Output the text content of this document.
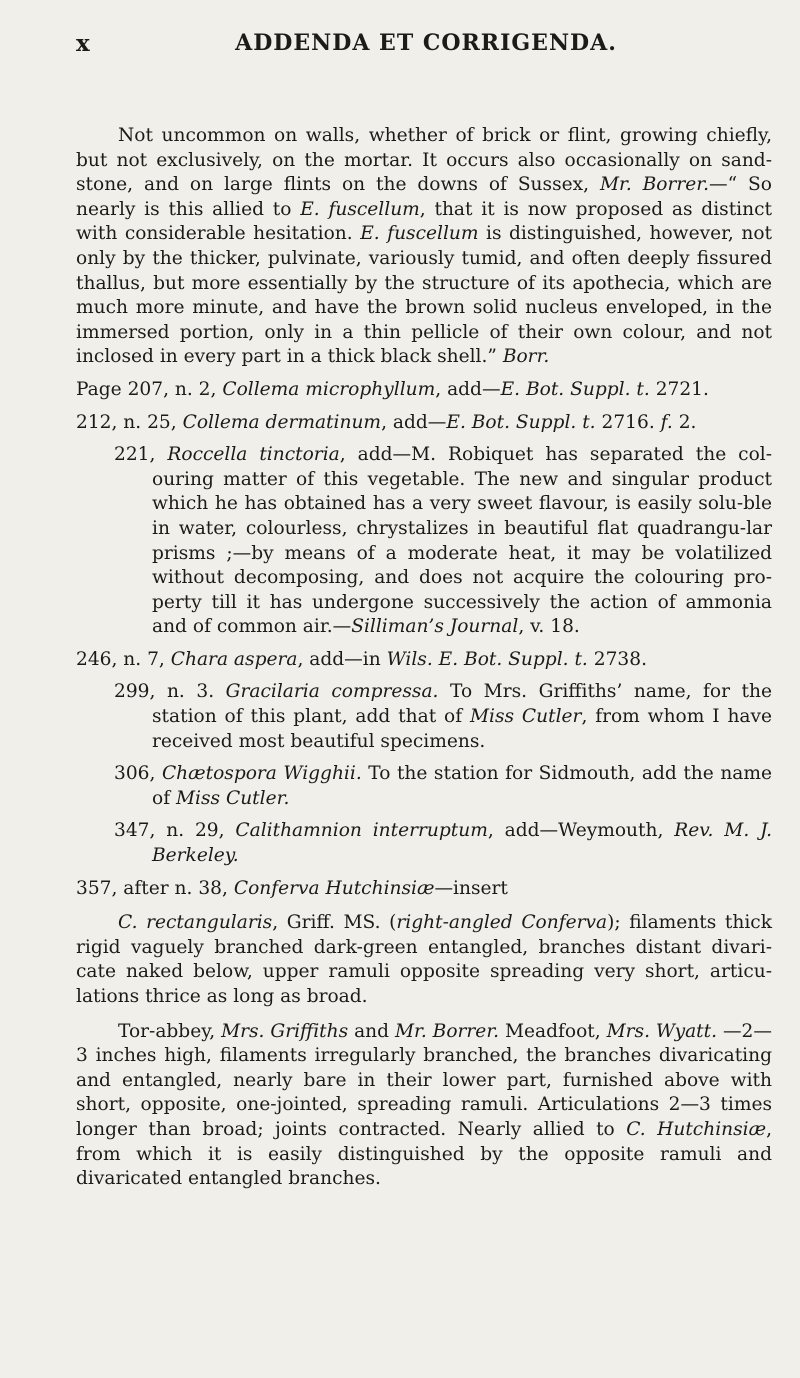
x	ADDENDA ET CORRIGENDA.

Not uncommon on walls, whether of brick or flint, growing chiefly, but not exclusively, on the mortar. It occurs also occasionally on sand-stone, and on large flints on the downs of Sussex, Mr. Borrer.—“ So nearly is this allied to E. fuscellum, that it is now proposed as distinct with considerable hesitation. E. fuscellum is distinguished, however, not only by the thicker, pulvinate, variously tumid, and often deeply fissured thallus, but more essentially by the structure of its apothecia, which are much more minute, and have the brown solid nucleus enveloped, in the immersed portion, only in a thin pellicle of their own colour, and not inclosed in every part in a thick black shell.” Borr.

Page 207, n. 2, Collema microphyllum, add—E. Bot. Suppl. t. 2721.

212, n. 25, Collema dermatinum, add—E. Bot. Suppl. t. 2716. f. 2.

221, Roccella tinctoria, add—M. Robiquet has separated the col-ouring matter of this vegetable. The new and singular product which he has obtained has a very sweet flavour, is easily solu-ble in water, colourless, chrystalizes in beautiful flat quadrangu-lar prisms ;—by means of a moderate heat, it may be volatilized without decomposing, and does not acquire the colouring pro-perty till it has undergone successively the action of ammonia and of common air.—Silliman’s Journal, v. 18.

246, n. 7, Chara aspera, add—in Wils. E. Bot. Suppl. t. 2738.

299, n. 3. Gracilaria compressa. To Mrs. Griffiths’ name, for the station of this plant, add that of Miss Cutler, from whom I have received most beautiful specimens.

306, Chætospora Wigghii. To the station for Sidmouth, add the name of Miss Cutler.

347, n. 29, Calithamnion interruptum, add—Weymouth, Rev. M. J. Berkeley.

357, after n. 38, Conferva Hutchinsiæ—insert

C. rectangularis, Griff. MS. (right-angled Conferva); filaments thick rigid vaguely branched dark-green entangled, branches distant divari-cate naked below, upper ramuli opposite spreading very short, articu-lations thrice as long as broad.

Tor-abbey, Mrs. Griffiths and Mr. Borrer. Meadfoot, Mrs. Wyatt. —2—3 inches high, filaments irregularly branched, the branches divaricating and entangled, nearly bare in their lower part, furnished above with short, opposite, one-jointed, spreading ramuli. Articulations 2—3 times longer than broad; joints contracted. Nearly allied to C. Hutchinsiæ, from which it is easily distinguished by the opposite ramuli and divaricated entangled branches.
